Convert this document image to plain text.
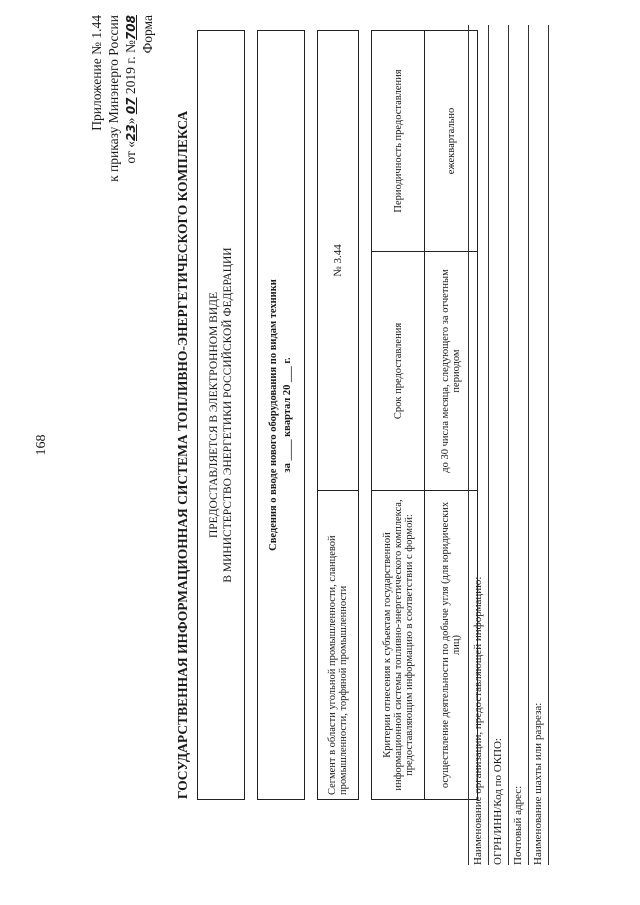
168
Приложение № 1.44 к приказу Минэнерго России от «23» 07 2019 г. №708 Форма
ГОСУДАРСТВЕННАЯ ИНФОРМАЦИОННАЯ СИСТЕМА ТОПЛИВНО-ЭНЕРГЕТИЧЕСКОГО КОМПЛЕКСА ПРЕДОСТАВЛЯЕТСЯ В ЭЛЕКТРОННОМ ВИДЕ В МИНИСТЕРСТВО ЭНЕРГЕТИКИ РОССИЙСКОЙ ФЕДЕРАЦИИ		

Сведения о вводе нового оборудования по видам техники за ____ квартал 20 ___ г.		

Сегмент в области угольной промышленности, сланцевой промышленности, торфяной промышленности	№ 3.44	

Критерии отнесения к субъектам государственной информационной системы топливно-энергетического комплекса, предоставляющим информацию в соответствии с формой:	Срок предоставления	Периодичность предоставления
осуществление деятельности по добыче угля (для юридических лиц)	до 30 числа месяца, следующего за отчетным периодом	ежеквартально
Наименование организации, предоставляющей информацию: ОГРН/ИНН/Код по ОКПО: Почтовый адрес: Наименование шахты или разреза:
